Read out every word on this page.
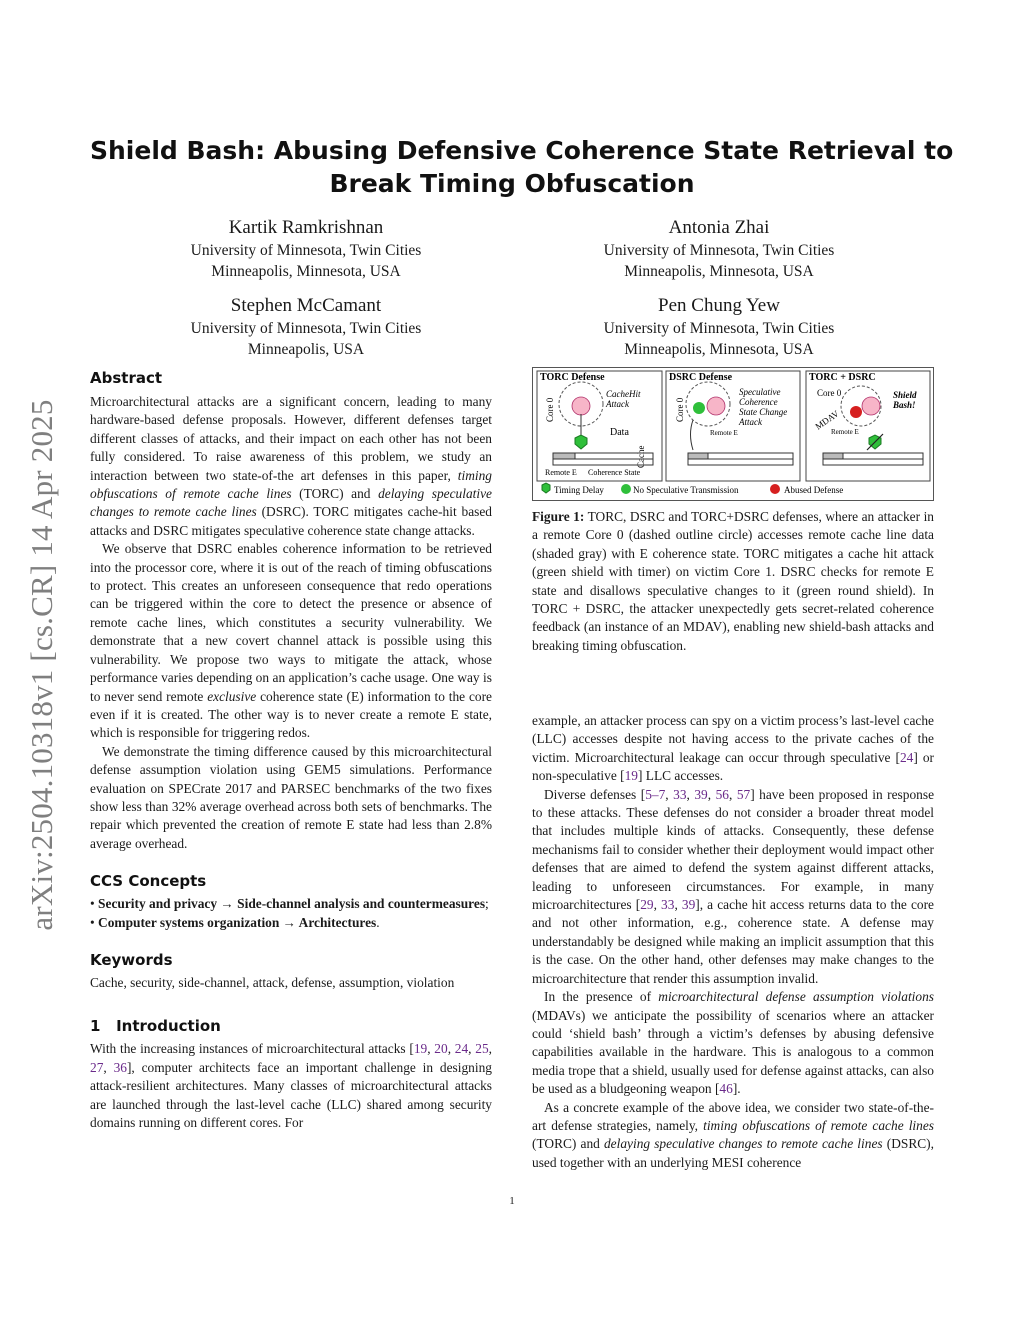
arXiv:2504.10318v1 [cs.CR] 14 Apr 2025
Shield Bash: Abusing Defensive Coherence State Retrieval to
Break Timing Obfuscation
Kartik Ramkrishnan
University of Minnesota, Twin Cities
Minneapolis, Minnesota, USA
Antonia Zhai
University of Minnesota, Twin Cities
Minneapolis, Minnesota, USA
Stephen McCamant
University of Minnesota, Twin Cities
Minneapolis, USA
Pen Chung Yew
University of Minnesota, Twin Cities
Minneapolis, Minnesota, USA
Abstract

Microarchitectural attacks are a significant concern, leading to many hardware-based defense proposals. However, different defenses target different classes of attacks, and their impact on each other has not been fully considered. To raise awareness of this problem, we study an interaction between two state-of-the art defenses in this paper, timing obfuscations of remote cache lines (TORC) and delaying speculative changes to remote cache lines (DSRC). TORC mitigates cache-hit based attacks and DSRC mitigates speculative coherence state change attacks.

We observe that DSRC enables coherence information to be retrieved into the processor core, where it is out of the reach of timing obfuscations to protect. This creates an unforeseen consequence that redo operations can be triggered within the core to detect the presence or absence of remote cache lines, which constitutes a security vulnerability. We demonstrate that a new covert channel attack is possible using this vulnerability. We propose two ways to mitigate the attack, whose performance varies depending on an application’s cache usage. One way is to never send remote exclusive coherence state (E) information to the core even if it is created. The other way is to never create a remote E state, which is responsible for triggering redos.

We demonstrate the timing difference caused by this microarchitectural defense assumption violation using GEM5 simulations. Performance evaluation on SPECrate 2017 and PARSEC benchmarks of the two fixes show less than 32% average overhead across both sets of benchmarks. The repair which prevented the creation of remote E state had less than 2.8% average overhead.

CCS Concepts

• Security and privacy → Side-channel analysis and countermeasures; • Computer systems organization → Architectures.

Keywords

Cache, security, side-channel, attack, defense, assumption, violation

1   Introduction

With the increasing instances of microarchitectural attacks [19, 20, 24, 25, 27, 36], computer architects face an important challenge in designing attack-resilient architectures. Many classes of microarchitectural attacks are launched through the last-level cache (LLC) shared among security domains running on different cores. For

TORC Defense
Core 0
CacheHit
Attack
Data
Cache
Remote E Coherence State
DSRC Defense
Core 0
Speculative
Coherence
State Change
Attack
Remote E
TORC + DSRC
Core 0
MDAV
Shield
Bash!
Remote E
Timing Delay	No Speculative Transmission	Abused Defense
Figure 1: TORC, DSRC and TORC+DSRC defenses, where an attacker in a remote Core 0 (dashed outline circle) accesses remote cache line data (shaded gray) with E coherence state. TORC mitigates a cache hit attack (green shield with timer) on victim Core 1. DSRC checks for remote E state and disallows speculative changes to it (green round shield). In TORC + DSRC, the attacker unexpectedly gets secret-related coherence feedback (an instance of an MDAV), enabling new shield-bash attacks and breaking timing obfuscation.

example, an attacker process can spy on a victim process’s last-level cache (LLC) accesses despite not having access to the private caches of the victim. Microarchitectural leakage can occur through speculative [24] or non-speculative [19] LLC accesses.

Diverse defenses [5–7, 33, 39, 56, 57] have been proposed in response to these attacks. These defenses do not consider a broader threat model that includes multiple kinds of attacks. Consequently, these defense mechanisms fail to consider whether their deployment would impact other defenses that are aimed to defend the system against different attacks, leading to unforeseen circumstances. For example, in many microarchitectures [29, 33, 39], a cache hit access returns data to the core and not other information, e.g., coherence state. A defense may understandably be designed while making an implicit assumption that this is the case. On the other hand, other defenses may make changes to the microarchitecture that render this assumption invalid.

In the presence of microarchitectural defense assumption violations (MDAVs) we anticipate the possibility of scenarios where an attacker could ‘shield bash’ through a victim’s defenses by abusing defensive capabilities available in the hardware. This is analogous to a common media trope that a shield, usually used for defense against attacks, can also be used as a bludgeoning weapon [46].

As a concrete example of the above idea, we consider two state-of-the-art defense strategies, namely, timing obfuscations of remote cache lines (TORC) and delaying speculative changes to remote cache lines (DSRC), used together with an underlying MESI coherence

1
